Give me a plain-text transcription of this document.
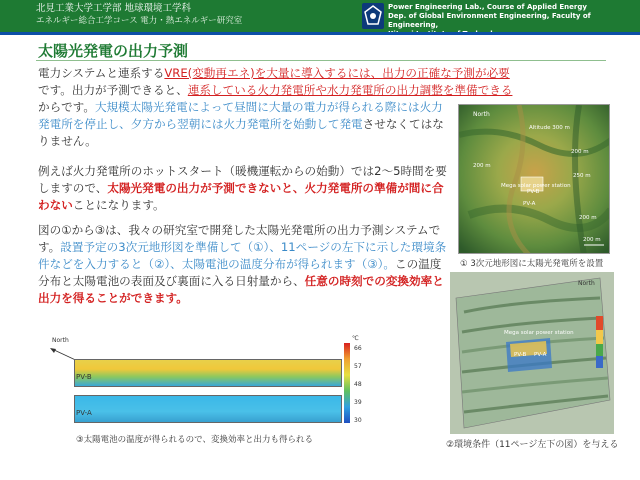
北見工業大学工学部 地球環境工学科
エネルギー総合工学コース 電力・熱エネルギー研究室
Power Engineering Lab., Course of Applied Energy
Dep. of Global Environment Engineering, Faculty of Engineering,
太陽光発電の出力予測
電力システムと連系するVRE(変動再エネ)を大量に導入するには、出力の正確な予測が必要
です。出力が予測できると、連系している火力発電所や水力発電所の出力調整を準備できる
からです。大規模太陽光発電によって昼間に大量の電力が得られる際には火力発電所を停止し、夕方から翌朝には火力発電所を始動して発電させなくてはなりません。
例えば火力発電所のホットスタート（暖機運転からの始動）では2～5時間を要しますので、太陽光発電の出力が予測できないと、火力発電所の準備が間に合わないことになります。
図の①から③は、我々の研究室で開発した太陽光発電所の出力予測システムです。設置予定の3次元地形図を準備して（①）、11ページの左下に示した環境条件などを入力すると（②）、太陽電池の温度分布が得られます（③）。この温度分布と太陽電池の表面及び裏面に入る日射量から、任意の時刻での変換効率と出力を得ることができます。
North
Altitude 300 m
200 m
200 m
250 m
200 m
Mega solar power station
PV-B
PV-A
200 m
① 3次元地形図に太陽光発電所を設置
North
Mega solar power station
PV-B PV-A
②環境条件（11ページ左下の図）を与える
North
PV-B
PV-A
℃
66
57
48
39
30
③太陽電池の温度が得られるので、変換効率と出力も得られる
